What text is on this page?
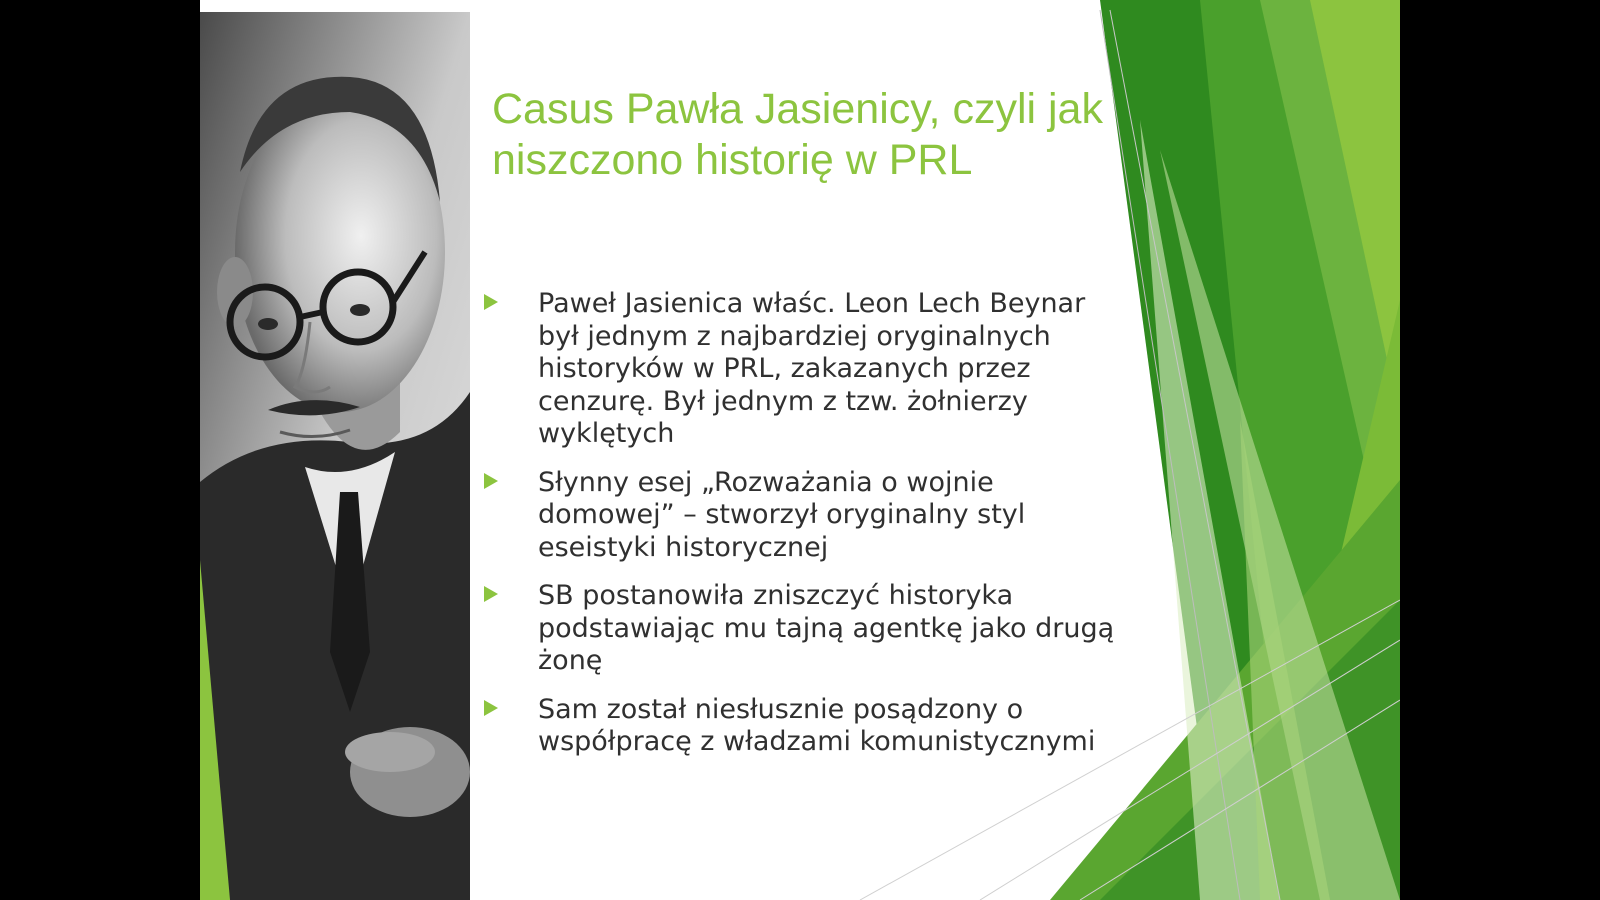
Casus Pawła Jasienicy, czyli jak niszczono historię w PRL
Paweł Jasienica właśc. Leon Lech Beynar był jednym z najbardziej oryginalnych historyków w PRL, zakazanych przez cenzurę. Był jednym z tzw. żołnierzy wyklętych
Słynny esej „Rozważania o wojnie domowej” – stworzył oryginalny styl eseistyki historycznej
SB postanowiła zniszczyć historyka podstawiając mu tajną agentkę jako drugą żonę
Sam został niesłusznie posądzony o współpracę z władzami komunistycznymi
